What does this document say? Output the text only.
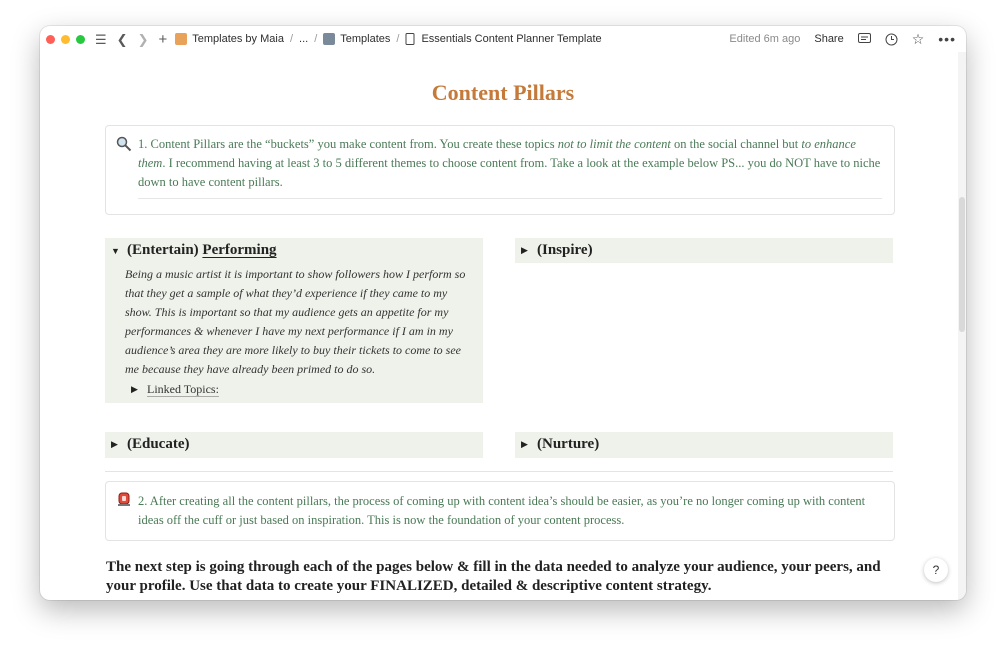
☰ ❮ ❯ + Templates by Maia / ... / Templates / Essentials Content Planner Template	Edited 6m ago Share	☆ •••
Content Pillars
1. Content Pillars are the “buckets” you make content from. You create these topics not to limit the content on the social channel but to enhance them. I recommend having at least 3 to 5 different themes to choose content from. Take a look at the example below PS... you do NOT have to niche down to have content pillars.
▼ (Entertain)
Performing
Being a music artist it is important to show followers how I perform so that they get a sample of what they’d experience if they came to my show. This is important so that my audience gets an appetite for my performances & whenever I have my next performance if I am in my audience’s area they are more likely to buy their tickets to come to see me because they have already been primed to do so.
▶ Linked Topics:
▶ (Inspire)
▶ (Educate)	▶ (Nurture)
2. After creating all the content pillars, the process of coming up with content idea’s should be easier, as you’re no longer coming up with content ideas off the cuff or just based on inspiration. This is now the foundation of your content process.
The next step is going through each of the pages below & fill in the data needed to analyze your audience, your peers, and your profile. Use that data to create your FINALIZED, detailed & descriptive content strategy.
?
